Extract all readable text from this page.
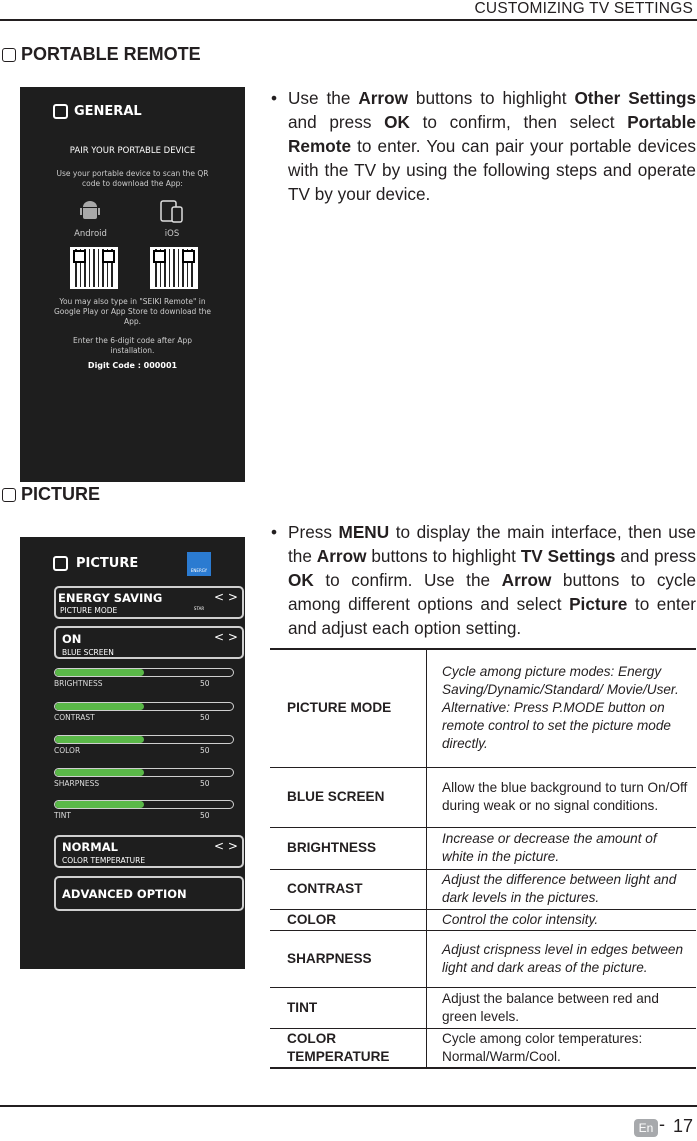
CUSTOMIZING TV SETTINGS
PORTABLE REMOTE
GENERAL
PAIR YOUR PORTABLE DEVICE
Use your portable device to scan the QR code to download the App:
Android	iOS
You may also type in "SEIKI Remote" in Google Play or App Store to download the App.
Enter the 6-digit code after App installation.
Digit Code : 000001
• Use the Arrow buttons to highlight Other Settings and press OK to confirm, then select Portable Remote to enter. You can pair your portable devices with the TV by using the following steps and operate TV by your device.
PICTURE
PICTURE	ENERGY STAR
ENERGY SAVING
PICTURE MODE
< >
ON
BLUE SCREEN
< >
BRIGHTNESS	50
CONTRAST	50
COLOR	50
SHARPNESS	50
TINT	50
NORMAL
COLOR TEMPERATURE
< >
ADVANCED OPTION
• Press MENU to display the main interface, then use the Arrow buttons to highlight TV Settings and press OK to confirm. Use the Arrow buttons to cycle among different options and select Picture to enter and adjust each option setting.
PICTURE MODE	Cycle among picture modes: Energy Saving/Dynamic/Standard/ Movie/User. Alternative: Press P.MODE button on remote control to set the picture mode directly.
BLUE SCREEN	Allow the blue background to turn On/Off during weak or no signal conditions.
BRIGHTNESS	Increase or decrease the amount of white in the picture.
CONTRAST	Adjust the difference between light and dark levels in the pictures.
COLOR	Control the color intensity.
SHARPNESS	Adjust crispness level in edges between light and dark areas of the picture.
TINT	Adjust the balance between red and green levels.
COLOR TEMPERATURE	Cycle among color temperatures: Normal/Warm/Cool.
En - 17
